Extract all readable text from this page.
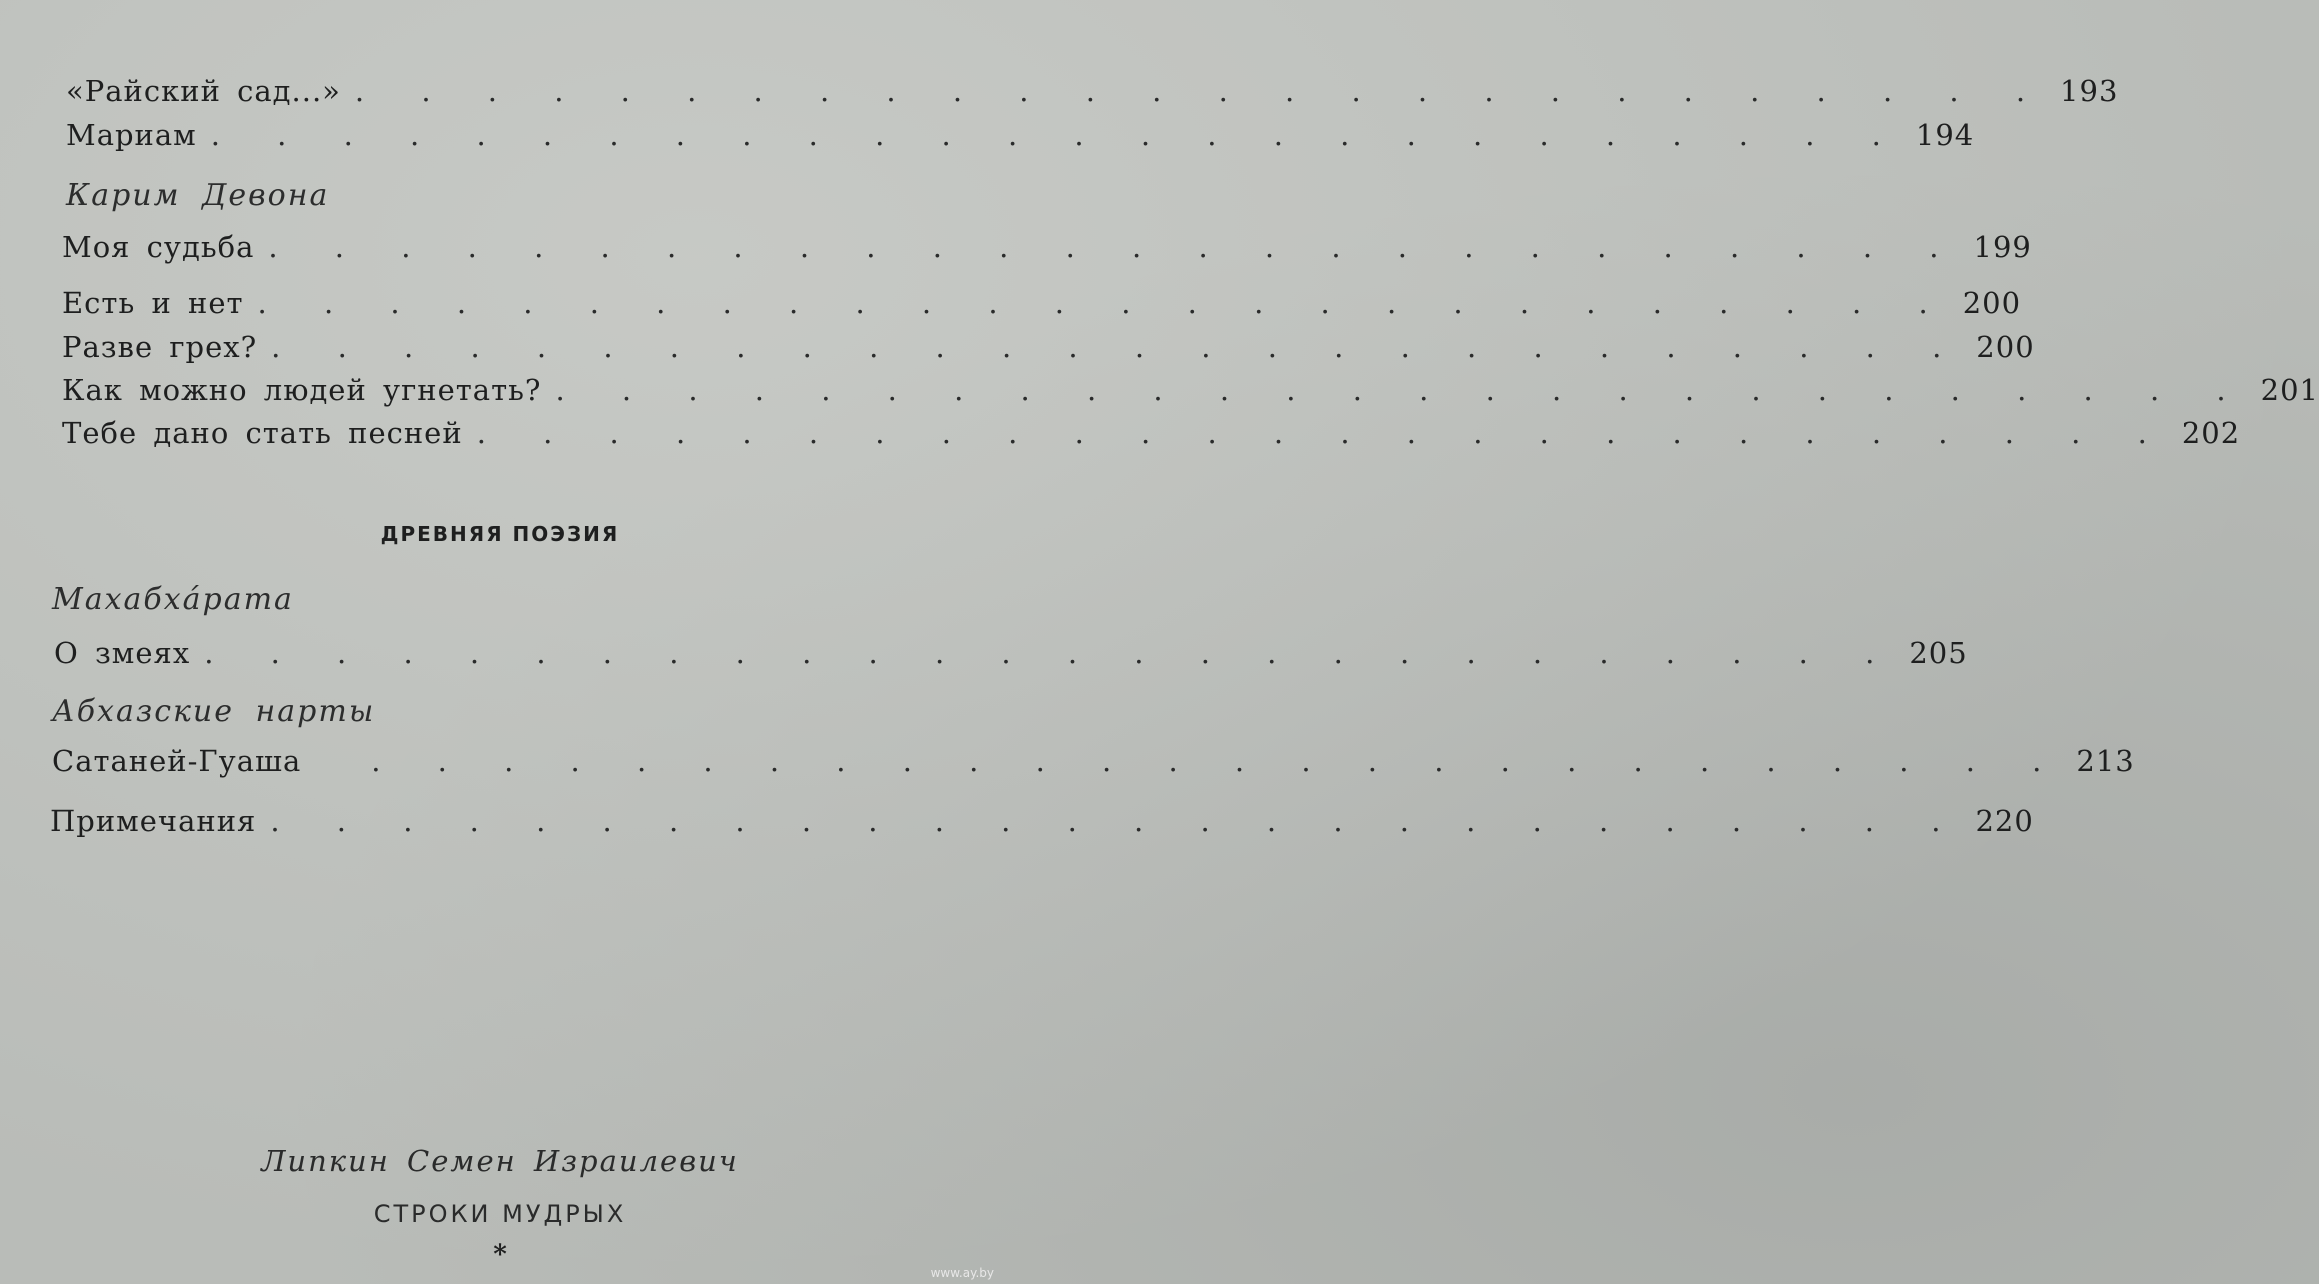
«Райский сад...» . . . . . . . . . . . . . . . . . . . . . . . . . . 193
Мариам . . . . . . . . . . . . . . . . . . . . . . . . . . 194
Карим Девона
Моя судьба . . . . . . . . . . . . . . . . . . . . . . . . . . 199
Есть и нет . . . . . . . . . . . . . . . . . . . . . . . . . . 200
Разве грех? . . . . . . . . . . . . . . . . . . . . . . . . . . 200
Как можно людей угнетать? . . . . . . . . . . . . . . . . . . . . . . . . . . 201
Тебе дано стать песней . . . . . . . . . . . . . . . . . . . . . . . . . . 202
ДРЕВНЯЯ ПОЭЗИЯ
Махабхáрата
О змеях . . . . . . . . . . . . . . . . . . . . . . . . . . 205
Абхазские нарты
Сатаней-Гуаша . . . . . . . . . . . . . . . . . . . . . . . . . . 213
Примечания . . . . . . . . . . . . . . . . . . . . . . . . . . 220
Липкин Семен Израилевич
СТРОКИ МУДРЫХ
*
www.ay.by
